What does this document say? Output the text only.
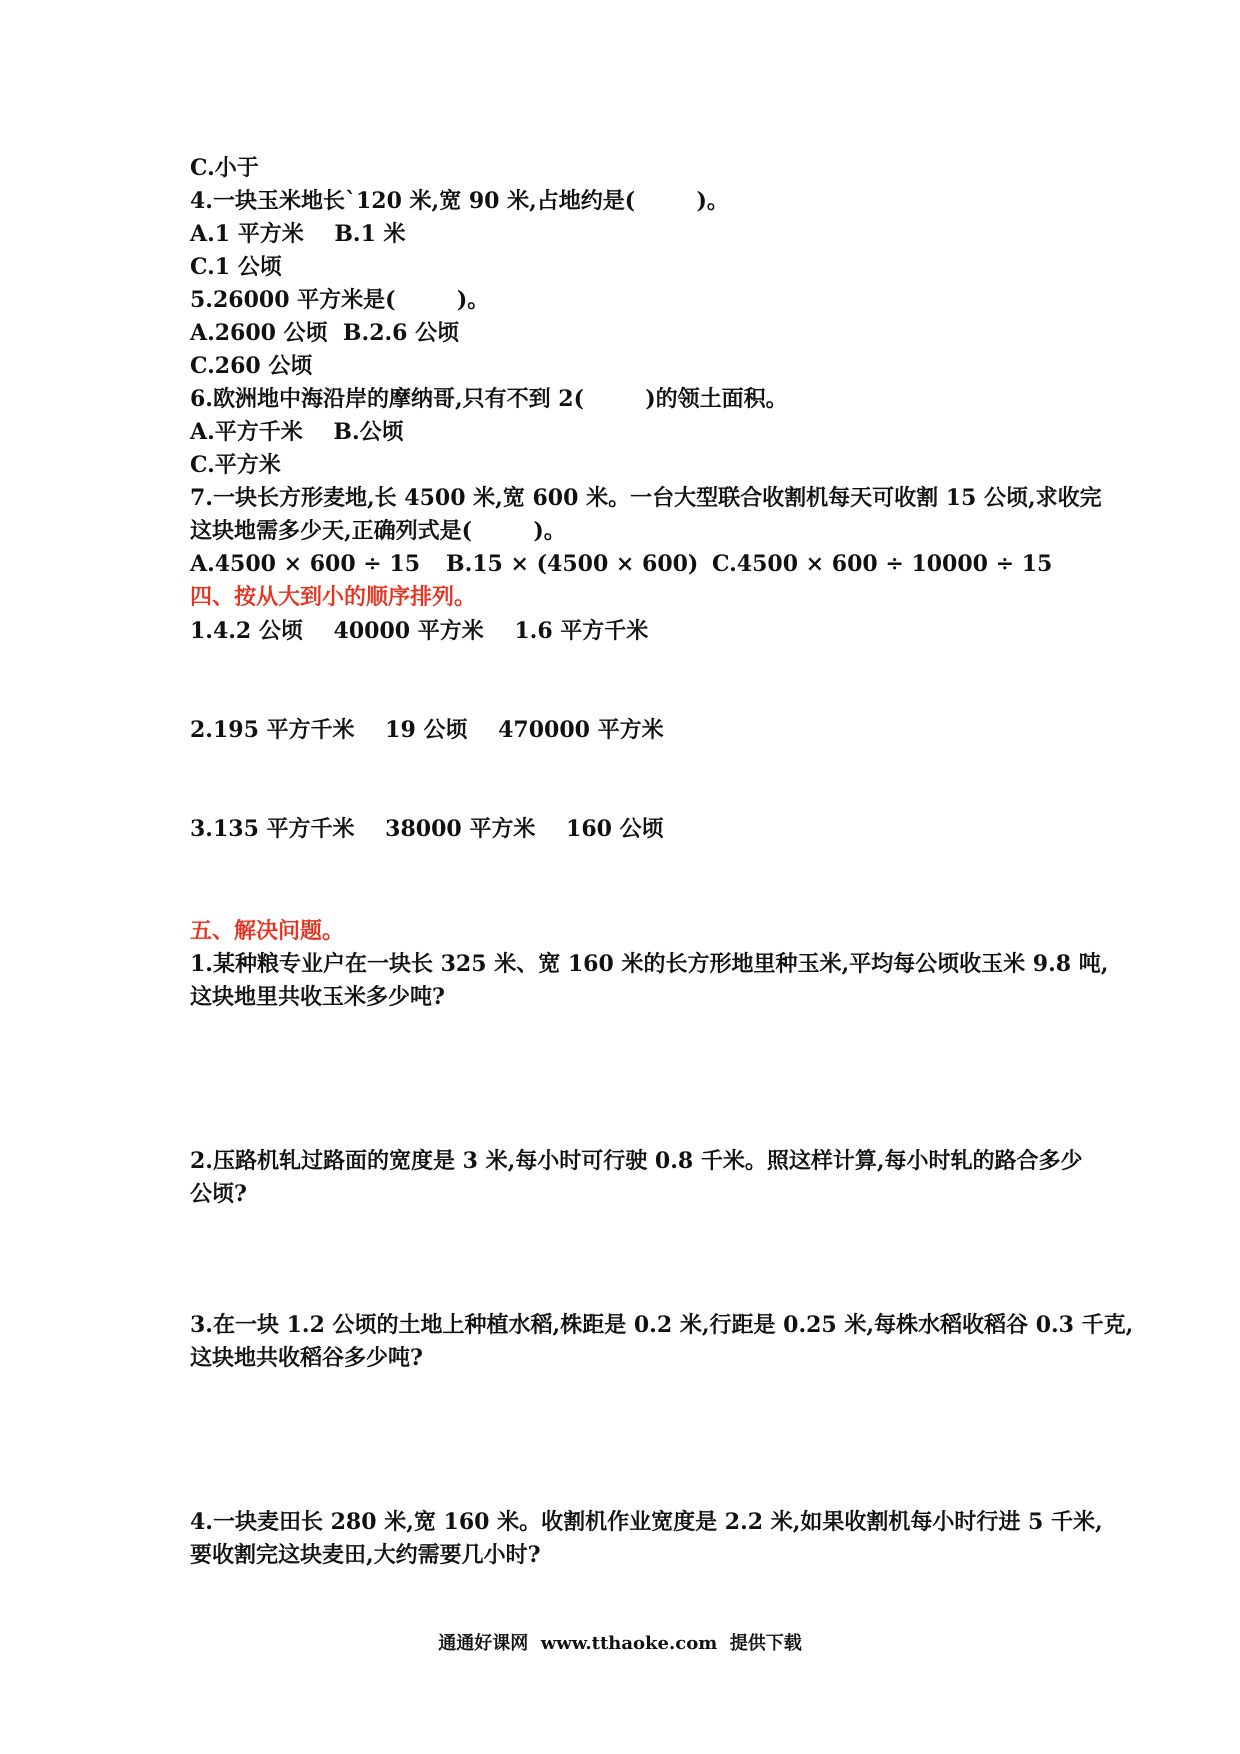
C.小于
4.一块玉米地长`120 米,宽 90 米,占地约是(        )。
A.1 平方米    B.1 米
C.1 公顷
5.26000 平方米是(        )。
A.2600 公顷  B.2.6 公顷
C.260 公顷
6.欧洲地中海沿岸的摩纳哥,只有不到 2(        )的领土面积。
A.平方千米    B.公顷
C.平方米
7.一块长方形麦地,长 4500 米,宽 600 米。一台大型联合收割机每天可收割 15 公顷,求收完
这块地需多少天,正确列式是(        )。
A.4500 × 600 ÷ 15 B.15 × (4500 × 600) C.4500 × 600 ÷ 10000 ÷ 15
四、按从大到小的顺序排列。
1.4.2 公顷    40000 平方米    1.6 平方千米
2.195 平方千米    19 公顷    470000 平方米
3.135 平方千米    38000 平方米    160 公顷
五、解决问题。
1.某种粮专业户在一块长 325 米、宽 160 米的长方形地里种玉米,平均每公顷收玉米 9.8 吨,
这块地里共收玉米多少吨?
2.压路机轧过路面的宽度是 3 米,每小时可行驶 0.8 千米。照这样计算,每小时轧的路合多少
公顷?
3.在一块 1.2 公顷的土地上种植水稻,株距是 0.2 米,行距是 0.25 米,每株水稻收稻谷 0.3 千克,
这块地共收稻谷多少吨?
4.一块麦田长 280 米,宽 160 米。收割机作业宽度是 2.2 米,如果收割机每小时行进 5 千米,
要收割完这块麦田,大约需要几小时?
通通好课网  www.tthaoke.com  提供下载
